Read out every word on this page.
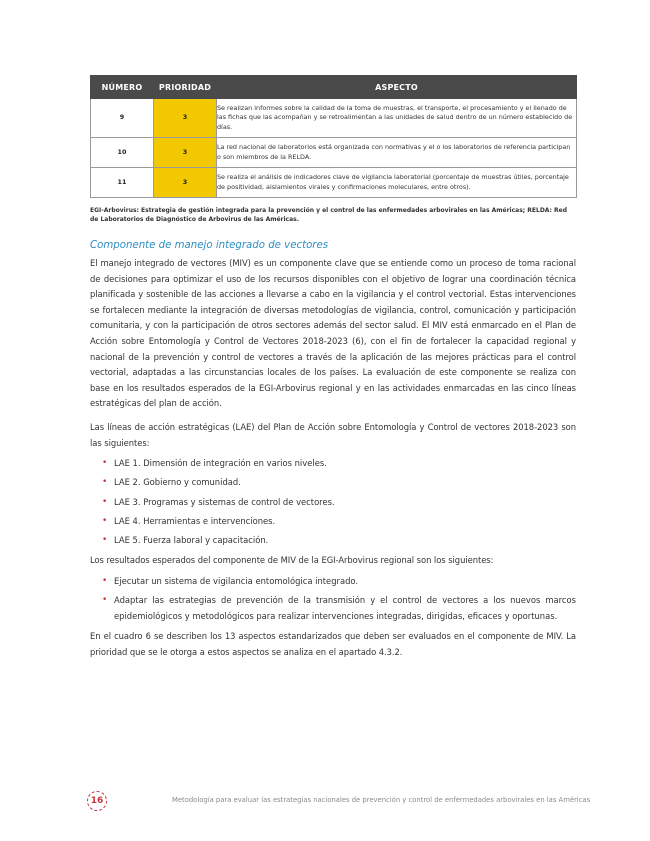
NÚMERO	PRIORIDAD	ASPECTO
9	3	Se realizan informes sobre la calidad de la toma de muestras, el transporte, el procesamiento y el llenado de las fichas que las acompañan y se retroalimentan a las unidades de salud dentro de un número establecido de días.
10	3	La red nacional de laboratorios está organizada con normativas y el o los laboratorios de referencia participan o son miembros de la RELDA.
11	3	Se realiza el análisis de indicadores clave de vigilancia laboratorial (porcentaje de muestras útiles, porcentaje de positividad, aislamientos virales y confirmaciones moleculares, entre otros).
EGI-Arbovirus: Estrategia de gestión integrada para la prevención y el control de las enfermedades arbovirales en las Américas; RELDA: Red de Laboratorios de Diagnóstico de Arbovirus de las Américas.
Componente de manejo integrado de vectores

El manejo integrado de vectores (MIV) es un componente clave que se entiende como un proceso de toma racional de decisiones para optimizar el uso de los recursos disponibles con el objetivo de lograr una coordinación técnica planificada y sostenible de las acciones a llevarse a cabo en la vigilancia y el control vectorial. Estas intervenciones se fortalecen mediante la integración de diversas metodologías de vigilancia, control, comunicación y participación comunitaria, y con la participación de otros sectores además del sector salud. El MIV está enmarcado en el Plan de Acción sobre Entomología y Control de Vectores 2018-2023 (6), con el fin de fortalecer la capacidad regional y nacional de la prevención y control de vectores a través de la aplicación de las mejores prácticas para el control vectorial, adaptadas a las circunstancias locales de los países. La evaluación de este componente se realiza con base en los resultados esperados de la EGI-Arbovirus regional y en las actividades enmarcadas en las cinco líneas estratégicas del plan de acción.

Las líneas de acción estratégicas (LAE) del Plan de Acción sobre Entomología y Control de vectores 2018-2023 son las siguientes:

• LAE 1. Dimensión de integración en varios niveles.
• LAE 2. Gobierno y comunidad.
• LAE 3. Programas y sistemas de control de vectores.
• LAE 4. Herramientas e intervenciones.
• LAE 5. Fuerza laboral y capacitación.

Los resultados esperados del componente de MIV de la EGI-Arbovirus regional son los siguientes:

• Ejecutar un sistema de vigilancia entomológica integrado.
• Adaptar las estrategias de prevención de la transmisión y el control de vectores a los nuevos marcos epidemiológicos y metodológicos para realizar intervenciones integradas, dirigidas, eficaces y oportunas.

En el cuadro 6 se describen los 13 aspectos estandarizados que deben ser evaluados en el componente de MIV. La prioridad que se le otorga a estos aspectos se analiza en el apartado 4.3.2.

16	Metodología para evaluar las estrategias nacionales de prevención y control de enfermedades arbovirales en las Américas
